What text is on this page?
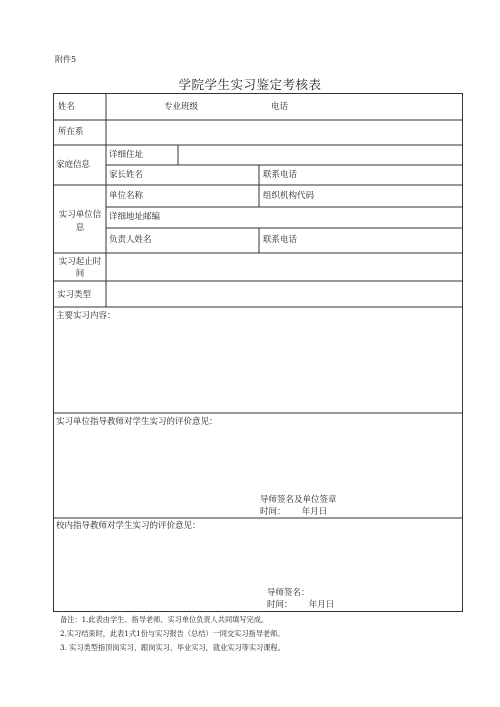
附件5
学院学生实习鉴定考核表
姓名	专业班级	电话
所在系
家庭信息
详细住址
家长姓名	联系电话
实习单位信息
单位名称	组织机构代码
详细地址邮编
负责人姓名	联系电话
实习起止时间
实习类型
主要实习内容：
实习单位指导教师对学生实习的评价意见：
导师签名及单位签章
时间：      年月日
校内指导教师对学生实习的评价意见：
导师签名：
时间：      年月日
备注：1.此表由学生、指导老师、实习单位负责人共同填写完成。
2.实习结束时，此表1式1份与实习报告（总结）一同交实习指导老师。
3. 实习类型指顶岗实习、跟岗实习、毕业实习，就业实习等实习课程。
